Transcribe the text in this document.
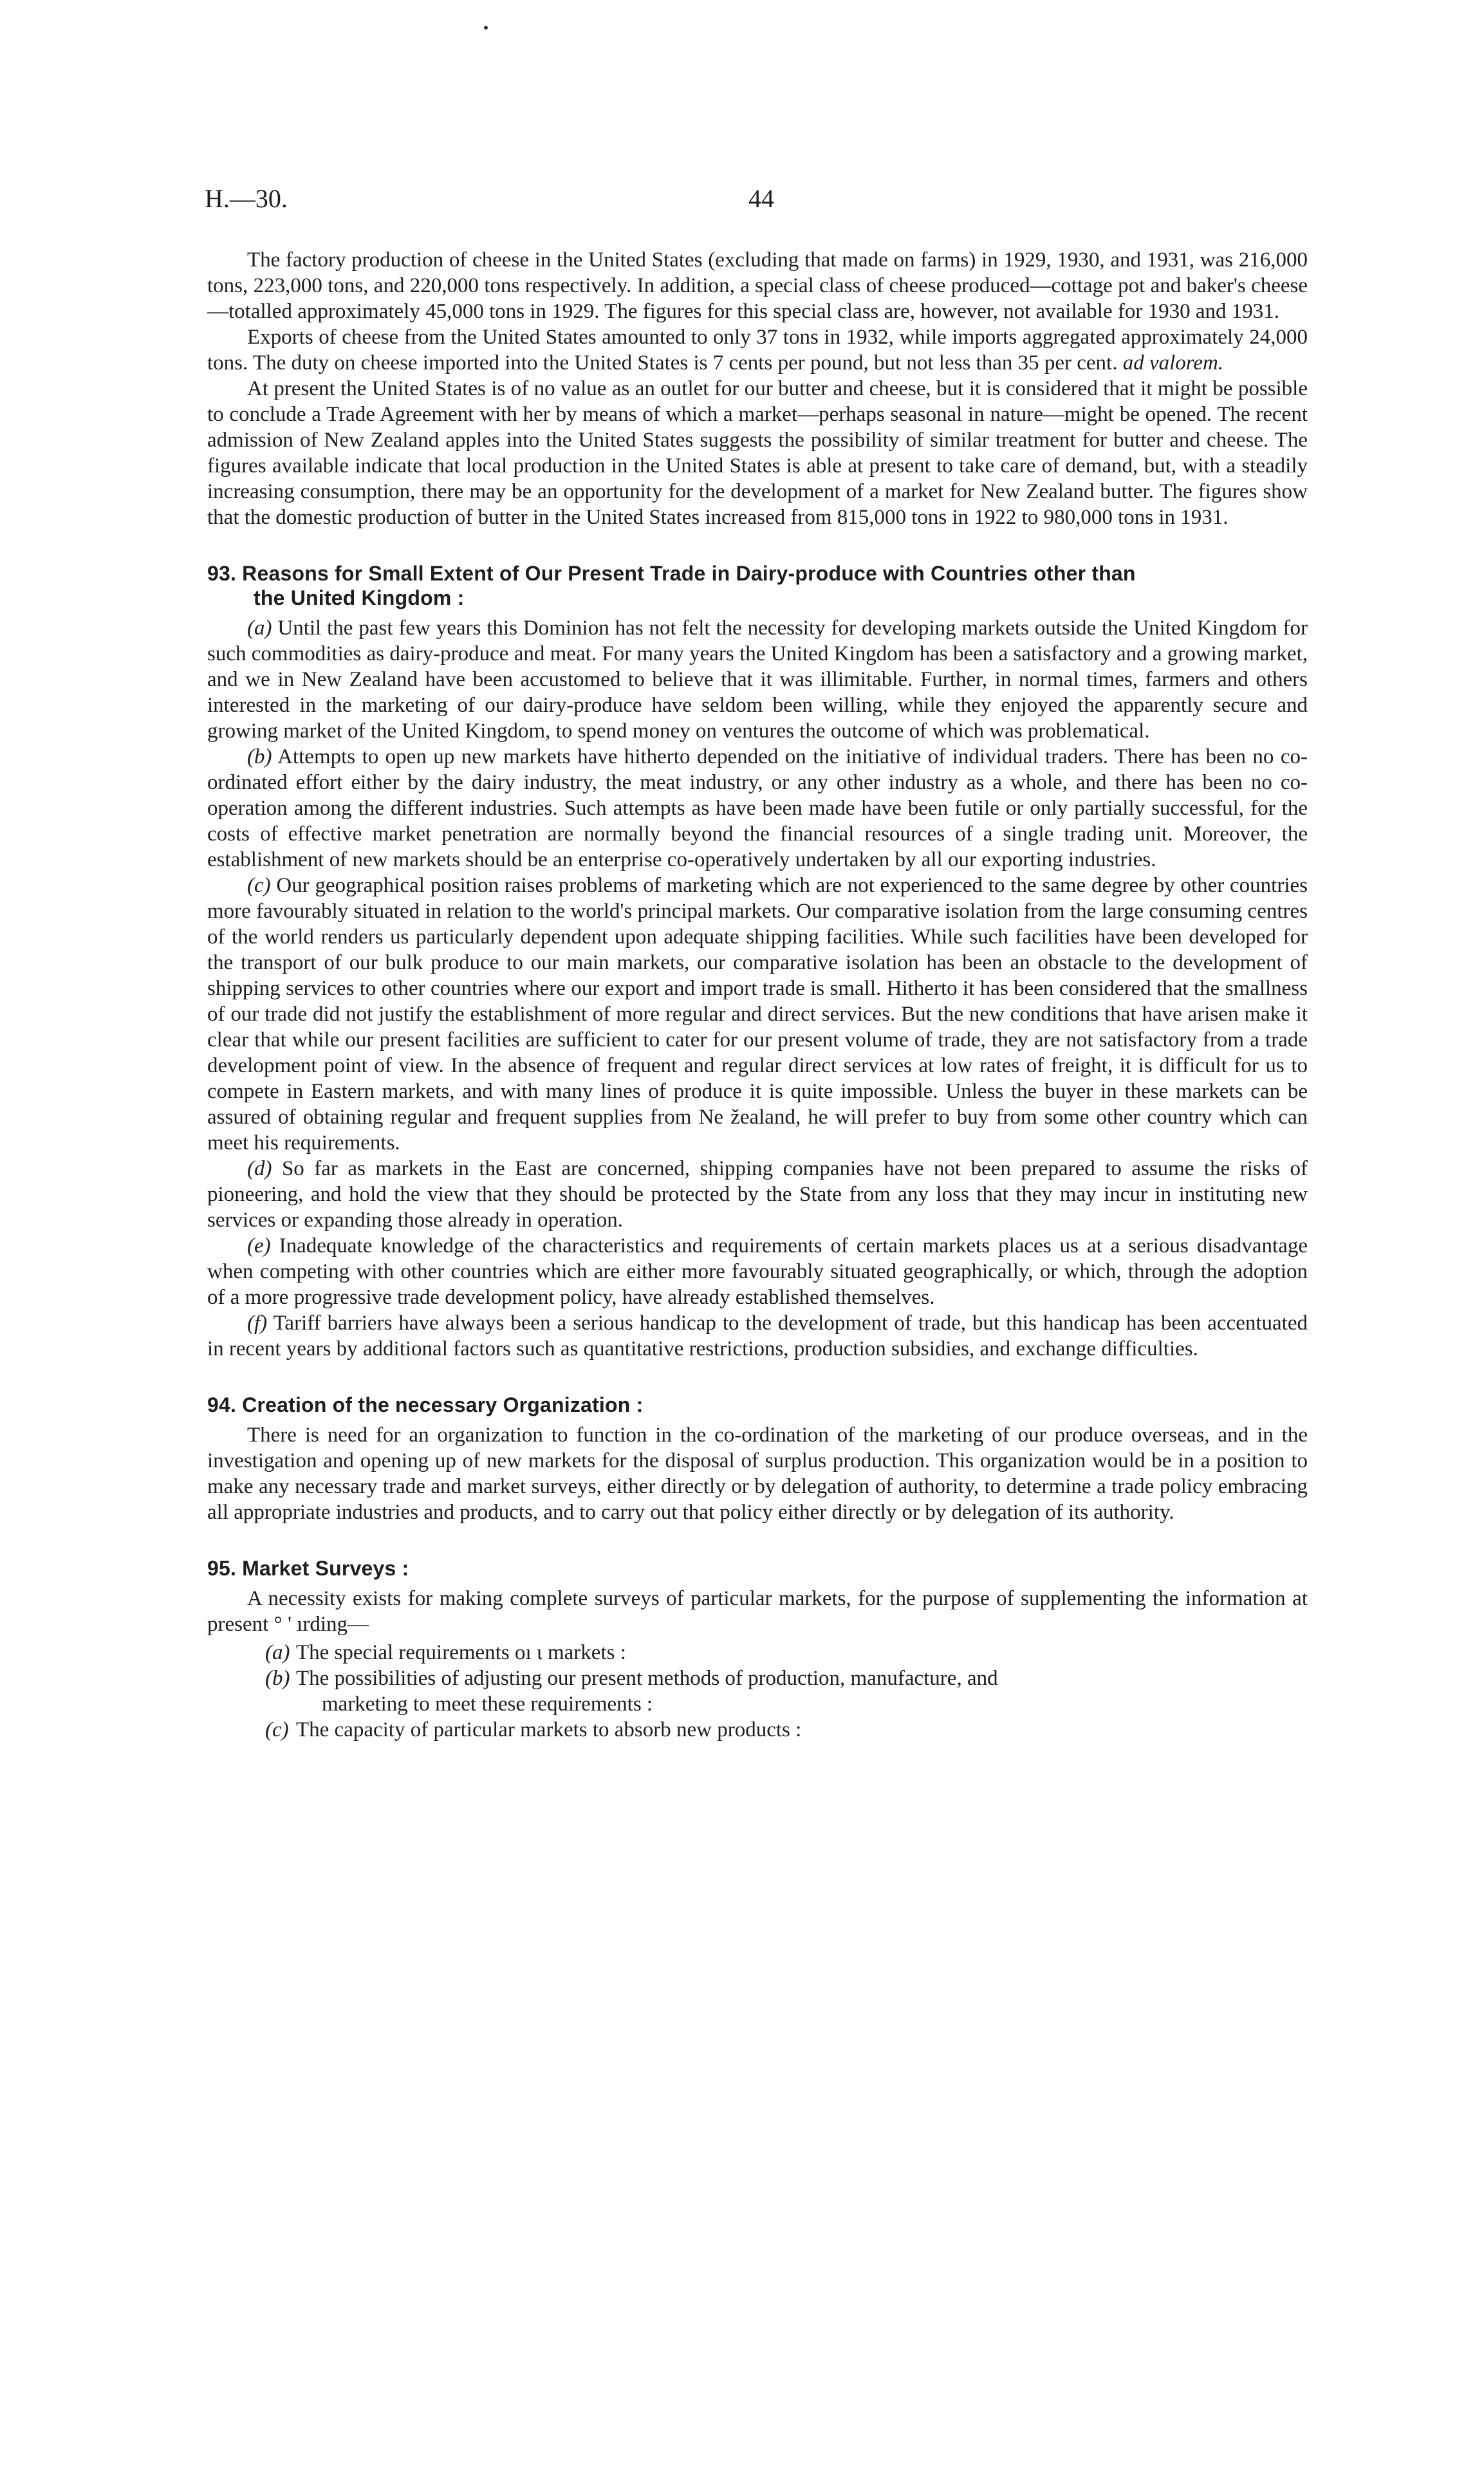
H.—30.	44

The factory production of cheese in the United States (excluding that made on farms) in 1929, 1930, and 1931, was 216,000 tons, 223,000 tons, and 220,000 tons respectively. In addition, a special class of cheese produced—cottage pot and baker's cheese—totalled approximately 45,000 tons in 1929. The figures for this special class are, however, not available for 1930 and 1931.

Exports of cheese from the United States amounted to only 37 tons in 1932, while imports aggregated approximately 24,000 tons. The duty on cheese imported into the United States is 7 cents per pound, but not less than 35 per cent. ad valorem.

At present the United States is of no value as an outlet for our butter and cheese, but it is considered that it might be possible to conclude a Trade Agreement with her by means of which a market—perhaps seasonal in nature—might be opened. The recent admission of New Zealand apples into the United States suggests the possibility of similar treatment for butter and cheese. The figures available indicate that local production in the United States is able at present to take care of demand, but, with a steadily increasing consumption, there may be an opportunity for the development of a market for New Zealand butter. The figures show that the domestic production of butter in the United States increased from 815,000 tons in 1922 to 980,000 tons in 1931.

93. Reasons for Small Extent of Our Present Trade in Dairy-produce with Countries other than
the United Kingdom :

(a) Until the past few years this Dominion has not felt the necessity for developing markets outside the United Kingdom for such commodities as dairy-produce and meat. For many years the United Kingdom has been a satisfactory and a growing market, and we in New Zealand have been accustomed to believe that it was illimitable. Further, in normal times, farmers and others interested in the marketing of our dairy-produce have seldom been willing, while they enjoyed the apparently secure and growing market of the United Kingdom, to spend money on ventures the outcome of which was problematical.

(b) Attempts to open up new markets have hitherto depended on the initiative of individual traders. There has been no co-ordinated effort either by the dairy industry, the meat industry, or any other industry as a whole, and there has been no co-operation among the different industries. Such attempts as have been made have been futile or only partially successful, for the costs of effective market penetration are normally beyond the financial resources of a single trading unit. Moreover, the establishment of new markets should be an enterprise co-operatively undertaken by all our exporting industries.

(c) Our geographical position raises problems of marketing which are not experienced to the same degree by other countries more favourably situated in relation to the world's principal markets. Our comparative isolation from the large consuming centres of the world renders us particularly dependent upon adequate shipping facilities. While such facilities have been developed for the transport of our bulk produce to our main markets, our comparative isolation has been an obstacle to the development of shipping services to other countries where our export and import trade is small. Hitherto it has been considered that the smallness of our trade did not justify the establishment of more regular and direct services. But the new conditions that have arisen make it clear that while our present facilities are sufficient to cater for our present volume of trade, they are not satisfactory from a trade development point of view. In the absence of frequent and regular direct services at low rates of freight, it is difficult for us to compete in Eastern markets, and with many lines of produce it is quite impossible. Unless the buyer in these markets can be assured of obtaining regular and frequent supplies from Nе žealand, he will prefer to buy from some other country which can meet his requirements.

(d) So far as markets in the East are concerned, shipping companies have not been prepared to assume the risks of pioneering, and hold the view that they should be protected by the State from any loss that they may incur in instituting new services or expanding those already in operation.

(e) Inadequate knowledge of the characteristics and requirements of certain markets places us at a serious disadvantage when competing with other countries which are either more favourably situated geographically, or which, through the adoption of a more progressive trade development policy, have already established themselves.

(f) Tariff barriers have always been a serious handicap to the development of trade, but this handicap has been accentuated in recent years by additional factors such as quantitative restrictions, production subsidies, and exchange difficulties.

94. Creation of the necessary Organization :

There is need for an organization to function in the co-ordination of the marketing of our produce overseas, and in the investigation and opening up of new markets for the disposal of surplus production. This organization would be in a position to make any necessary trade and market surveys, either directly or by delegation of authority, to determine a trade policy embracing all appropriate industries and products, and to carry out that policy either directly or by delegation of its authority.

95. Market Surveys :

A necessity exists for making complete surveys of particular markets, for the purpose of supplementing the information at present ° ' ırding—

(a) The special requirements οı ι markets :
(b) The possibilities of adjusting our present methods of production, manufacture, and
marketing to meet these requirements :
(c) The capacity of particular markets to absorb new products :
